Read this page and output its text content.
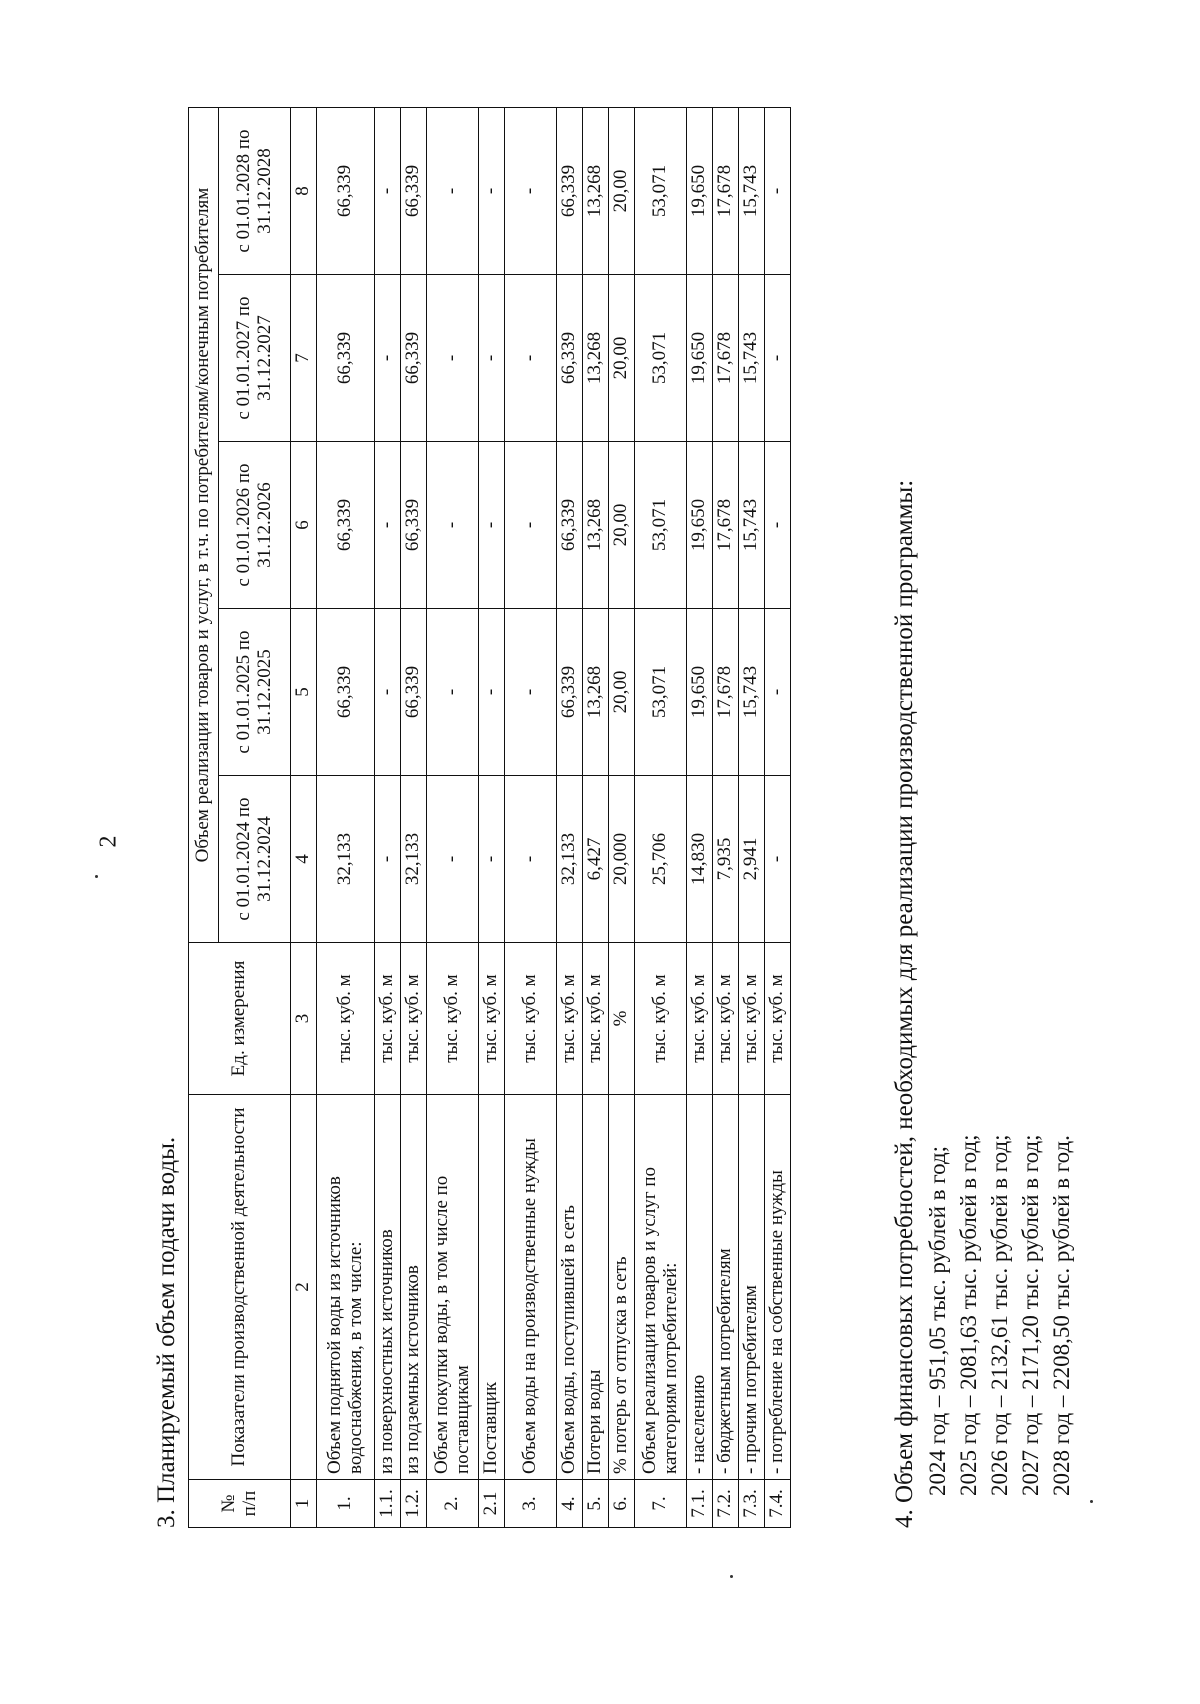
2
3. Планируемый объем подачи воды. № п/п	Показатели производственной деятельности	Ед. измерения	Объем реализации товаров и услуг, в т.ч. по потребителям/конечным потребителям				
			с 01.01.2024 по 31.12.2024	с 01.01.2025 по 31.12.2025	с 01.01.2026 по 31.12.2026	с 01.01.2027 по 31.12.2027	с 01.01.2028 по 31.12.2028
1	2	3	4	5	6	7	8
1.	Объем поднятой воды из источников водоснабжения, в том числе:	тыс. куб. м	32,133	66,339	66,339	66,339	66,339
1.1.	из поверхностных источников	тыс. куб. м	-	-	-	-	-
1.2.	из подземных источников	тыс. куб. м	32,133	66,339	66,339	66,339	66,339
2.	Объем покупки воды, в том числе по поставщикам	тыс. куб. м	-	-	-	-	-
2.1	Поставщик	тыс. куб. м	-	-	-	-	-
3.	Объем воды на производственные нужды	тыс. куб. м	-	-	-	-	-
4.	Объем воды, поступившей в сеть	тыс. куб. м	32,133	66,339	66,339	66,339	66,339
5.	Потери воды	тыс. куб. м	6,427	13,268	13,268	13,268	13,268
6.	% потерь от отпуска в сеть	%	20,000	20,00	20,00	20,00	20,00
7.	Объем реализации товаров и услуг по категориям потребителей:	тыс. куб. м	25,706	53,071	53,071	53,071	53,071
7.1.	- населению	тыс. куб. м	14,830	19,650	19,650	19,650	19,650
7.2.	- бюджетным потребителям	тыс. куб. м	7,935	17,678	17,678	17,678	17,678
7.3.	- прочим потребителям	тыс. куб. м	2,941	15,743	15,743	15,743	15,743
7.4.	- потребление на собственные нужды	тыс. куб. м	-	-	-	-	-
4. Объем финансовых потребностей, необходимых для реализации производственной программы: 2024 год – 951,05 тыс. рублей в год; 2025 год – 2081,63 тыс. рублей в год; 2026 год – 2132,61 тыс. рублей в год; 2027 год – 2171,20 тыс. рублей в год; 2028 год – 2208,50 тыс. рублей в год.
